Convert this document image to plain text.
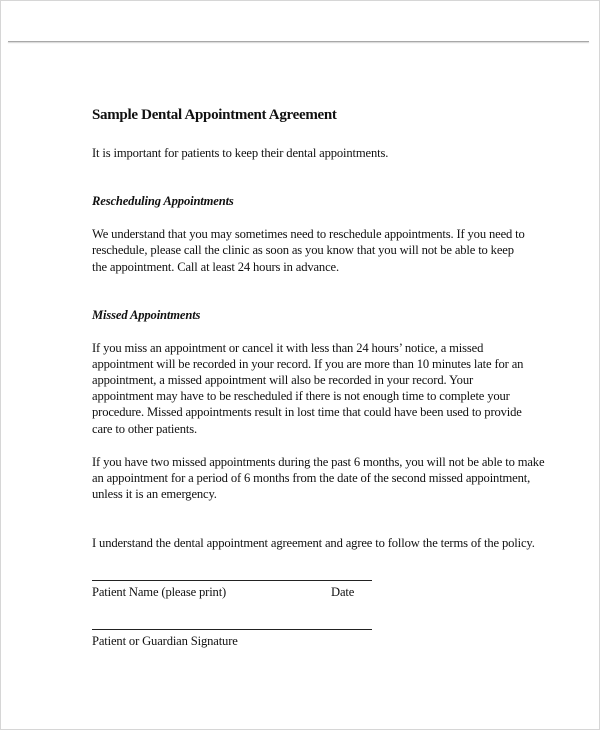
Sample Dental Appointment Agreement
It is important for patients to keep their dental appointments.
Rescheduling Appointments
We understand that you may sometimes need to reschedule appointments. If you need to
reschedule, please call the clinic as soon as you know that you will not be able to keep
the appointment. Call at least 24 hours in advance.
Missed Appointments
If you miss an appointment or cancel it with less than 24 hours’ notice, a missed
appointment will be recorded in your record. If you are more than 10 minutes late for an
appointment, a missed appointment will also be recorded in your record. Your
appointment may have to be rescheduled if there is not enough time to complete your
procedure. Missed appointments result in lost time that could have been used to provide
care to other patients.
If you have two missed appointments during the past 6 months, you will not be able to make
an appointment for a period of 6 months from the date of the second missed appointment,
unless it is an emergency.
I understand the dental appointment agreement and agree to follow the terms of the policy.
Patient Name (please print)	Date
Patient or Guardian Signature
